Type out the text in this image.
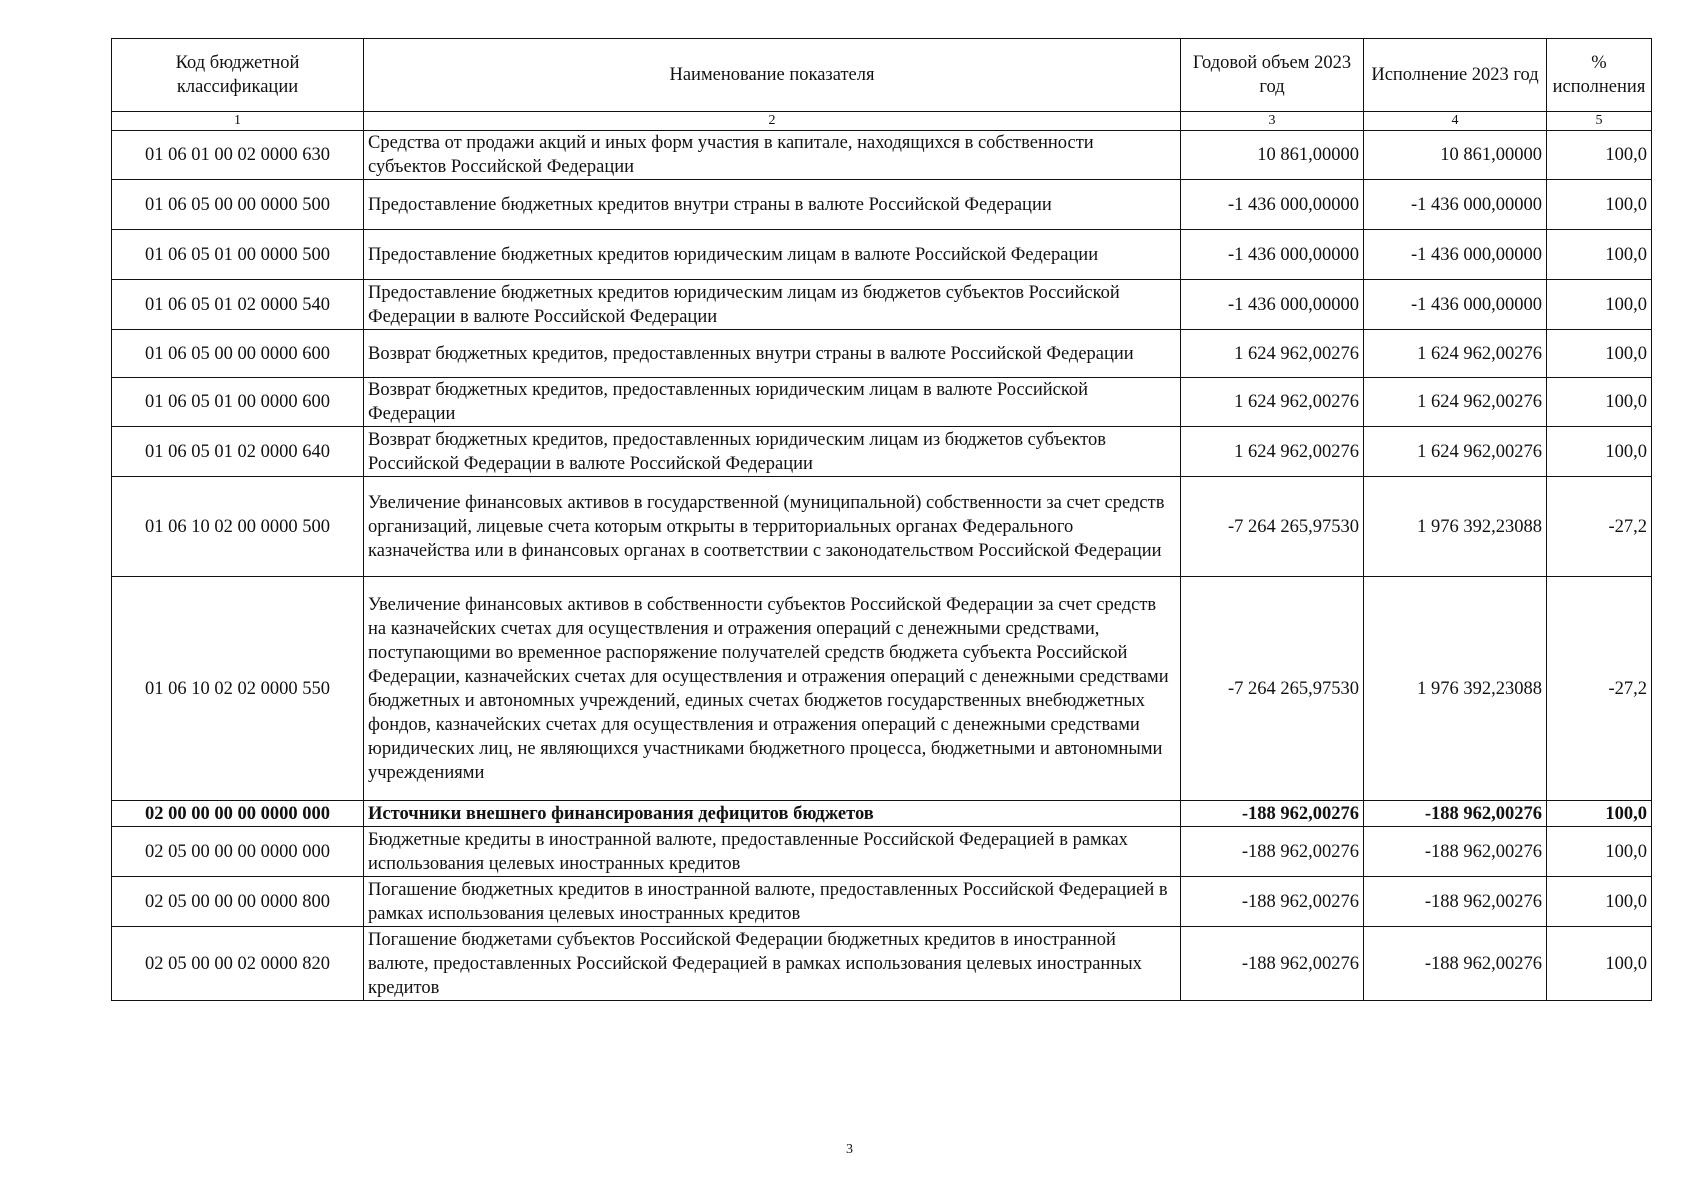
Код бюджетной классификации	Наименование показателя	Годовой объем 2023 год	Исполнение 2023 год	% исполнения
1	2	3	4	5
01 06 01 00 02 0000 630	Средства от продажи акций и иных форм участия в капитале, находящихся в собственности субъектов Российской Федерации	10 861,00000	10 861,00000	100,0
01 06 05 00 00 0000 500	Предоставление бюджетных кредитов внутри страны в валюте Российской Федерации	-1 436 000,00000	-1 436 000,00000	100,0
01 06 05 01 00 0000 500	Предоставление бюджетных кредитов юридическим лицам в валюте Российской Федерации	-1 436 000,00000	-1 436 000,00000	100,0
01 06 05 01 02 0000 540	Предоставление бюджетных кредитов юридическим лицам из бюджетов субъектов Российской Федерации в валюте Российской Федерации	-1 436 000,00000	-1 436 000,00000	100,0
01 06 05 00 00 0000 600	Возврат бюджетных кредитов, предоставленных внутри страны в валюте Российской Федерации	1 624 962,00276	1 624 962,00276	100,0
01 06 05 01 00 0000 600	Возврат бюджетных кредитов, предоставленных юридическим лицам в валюте Российской Федерации	1 624 962,00276	1 624 962,00276	100,0
01 06 05 01 02 0000 640	Возврат бюджетных кредитов, предоставленных юридическим лицам из бюджетов субъектов Российской Федерации в валюте Российской Федерации	1 624 962,00276	1 624 962,00276	100,0
01 06 10 02 00 0000 500	Увеличение финансовых активов в государственной (муниципальной) собственности за счет средств организаций, лицевые счета которым открыты в территориальных органах Федерального казначейства или в финансовых органах в соответствии с законодательством Российской Федерации	-7 264 265,97530	1 976 392,23088	-27,2
01 06 10 02 02 0000 550	Увеличение финансовых активов в собственности субъектов Российской Федерации за счет средств на казначейских счетах для осуществления и отражения операций с денежными средствами, поступающими во временное распоряжение получателей средств бюджета субъекта Российской Федерации, казначейских счетах для осуществления и отражения операций с денежными средствами бюджетных и автономных учреждений, единых счетах бюджетов государственных внебюджетных фондов, казначейских счетах для осуществления и отражения операций с денежными средствами юридических лиц, не являющихся участниками бюджетного процесса, бюджетными и автономными учреждениями	-7 264 265,97530	1 976 392,23088	-27,2
02 00 00 00 00 0000 000	Источники внешнего финансирования дефицитов бюджетов	-188 962,00276	-188 962,00276	100,0
02 05 00 00 00 0000 000	Бюджетные кредиты в иностранной валюте, предоставленные Российской Федерацией в рамках использования целевых иностранных кредитов	-188 962,00276	-188 962,00276	100,0
02 05 00 00 00 0000 800	Погашение бюджетных кредитов в иностранной валюте, предоставленных Российской Федерацией в рамках использования целевых иностранных кредитов	-188 962,00276	-188 962,00276	100,0
02 05 00 00 02 0000 820	Погашение бюджетами субъектов Российской Федерации бюджетных кредитов в иностранной валюте, предоставленных Российской Федерацией в рамках использования целевых иностранных кредитов	-188 962,00276	-188 962,00276	100,0
3
